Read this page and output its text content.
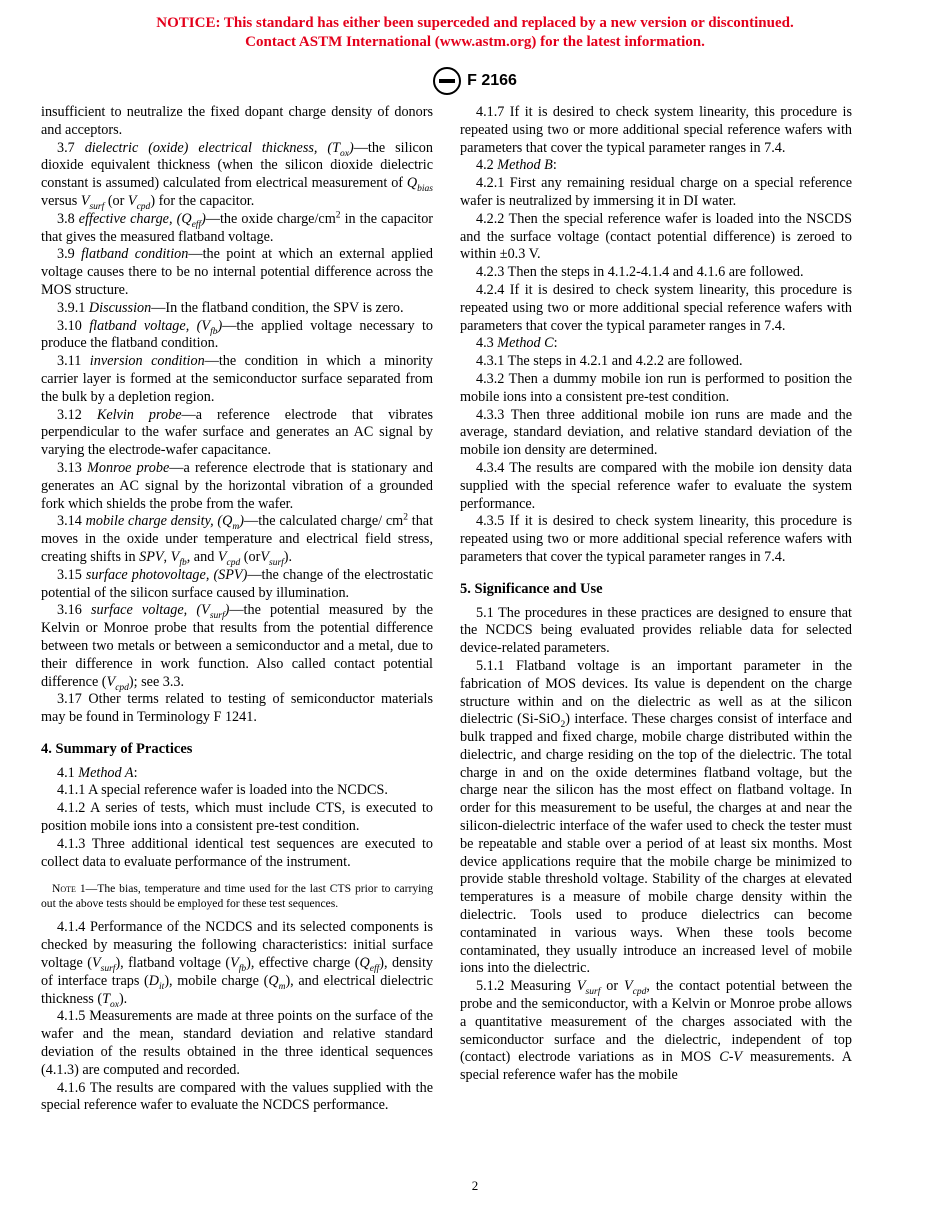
NOTICE: This standard has either been superceded and replaced by a new version or discontinued.
Contact ASTM International (www.astm.org) for the latest information.
F 2166

insufficient to neutralize the fixed dopant charge density of donors and acceptors.

3.7 dielectric (oxide) electrical thickness, $(T_{ox})—the$ silicon dioxide equivalent thickness (when the silicon dioxide dielectric constant is assumed) calculated from electrical measurement of $Q_{bias}$ versus $V_{surf}$ (or $V_{cpd}$) for the capacitor.

3.8 effective charge, $(Q_{eff})—the$ oxide charge/$cm^2$ in the capacitor that gives the measured flatband voltage.

3.9 flatband condition—the point at which an external applied voltage causes there to be no internal potential difference across the MOS structure.

3.9.1 Discussion—In the flatband condition, the SPV is zero.

3.10 flatband voltage, $(V_{fb})—the$ applied voltage necessary to produce the flatband condition.

3.11 inversion condition—the condition in which a minority carrier layer is formed at the semiconductor surface separated from the bulk by a depletion region.

3.12 Kelvin probe—a reference electrode that vibrates perpendicular to the wafer surface and generates an AC signal by varying the electrode-wafer capacitance.

3.13 Monroe probe—a reference electrode that is stationary and generates an AC signal by the horizontal vibration of a grounded fork which shields the probe from the wafer.

3.14 mobile charge density, $(Q_m)—the$ calculated charge/ $cm^2$ that moves in the oxide under temperature and electrical field stress, creating shifts in SPV, $V_{fb}$, and $V_{cpd}$ (orV$_{surf}$).

3.15 surface photovoltage, (SPV)—the change of the electrostatic potential of the silicon surface caused by illumination.

3.16 surface voltage, $(V_{surf})—the$ potential measured by the Kelvin or Monroe probe that results from the potential difference between two metals or between a semiconductor and a metal, due to their difference in work function. Also called contact potential difference $(V_{cpd})$; see 3.3.

3.17 Other terms related to testing of semiconductor materials may be found in Terminology F 1241.

4. Summary of Practices

4.1 Method A:

4.1.1 A special reference wafer is loaded into the NCDCS.

4.1.2 A series of tests, which must include CTS, is executed to position mobile ions into a consistent pre-test condition.

4.1.3 Three additional identical test sequences are executed to collect data to evaluate performance of the instrument.

Note 1—The bias, temperature and time used for the last CTS prior to carrying out the above tests should be employed for these test sequences.

4.1.4 Performance of the NCDCS and its selected components is checked by measuring the following characteristics: initial surface voltage $(V_{surf})$, flatband voltage $(V_{fb})$, effective charge $(Q_{eff})$, density of interface traps $(D_{it})$, mobile charge $(Q_m)$, and electrical dielectric thickness $(T_{ox})$.

4.1.5 Measurements are made at three points on the surface of the wafer and the mean, standard deviation and relative standard deviation of the results obtained in the three identical sequences (4.1.3) are computed and recorded.

4.1.6 The results are compared with the values supplied with the special reference wafer to evaluate the NCDCS performance.

4.1.7 If it is desired to check system linearity, this procedure is repeated using two or more additional special reference wafers with parameters that cover the typical parameter ranges in 7.4.

4.2 Method B:

4.2.1 First any remaining residual charge on a special reference wafer is neutralized by immersing it in DI water.

4.2.2 Then the special reference wafer is loaded into the NSCDS and the surface voltage (contact potential difference) is zeroed to within ±0.3 V.

4.2.3 Then the steps in 4.1.2-4.1.4 and 4.1.6 are followed.

4.2.4 If it is desired to check system linearity, this procedure is repeated using two or more additional special reference wafers with parameters that cover the typical parameter ranges in 7.4.

4.3 Method C:

4.3.1 The steps in 4.2.1 and 4.2.2 are followed.

4.3.2 Then a dummy mobile ion run is performed to position the mobile ions into a consistent pre-test condition.

4.3.3 Then three additional mobile ion runs are made and the average, standard deviation, and relative standard deviation of the mobile ion density are determined.

4.3.4 The results are compared with the mobile ion density data supplied with the special reference wafer to evaluate the system performance.

4.3.5 If it is desired to check system linearity, this procedure is repeated using two or more additional special reference wafers with parameters that cover the typical parameter ranges in 7.4.

5. Significance and Use

5.1 The procedures in these practices are designed to ensure that the NCDCS being evaluated provides reliable data for selected device-related parameters.

5.1.1 Flatband voltage is an important parameter in the fabrication of MOS devices. Its value is dependent on the charge structure within and on the dielectric as well as at the silicon dielectric (Si-SiO$_2$) interface. These charges consist of interface and bulk trapped and fixed charge, mobile charge distributed within the dielectric, and charge residing on the top of the dielectric. The total charge in and on the oxide determines flatband voltage, but the charge near the silicon has the most effect on flatband voltage. In order for this measurement to be useful, the charges at and near the silicon-dielectric interface of the wafer used to check the tester must be repeatable and stable over a period of at least six months. Most device applications require that the mobile charge be minimized to provide stable threshold voltage. Stability of the charges at elevated temperatures is a measure of mobile charge density within the dielectric. Tools used to produce dielectrics can become contaminated in various ways. When these tools become contaminated, they usually introduce an increased level of mobile ions into the dielectric.

5.1.2 Measuring $V_{surf}$ or $V_{cpd}$, the contact potential between the probe and the semiconductor, with a Kelvin or Monroe probe allows a quantitative measurement of the charges associated with the semiconductor surface and the dielectric, independent of top (contact) electrode variations as in MOS C-V measurements. A special reference wafer has the mobile

2
